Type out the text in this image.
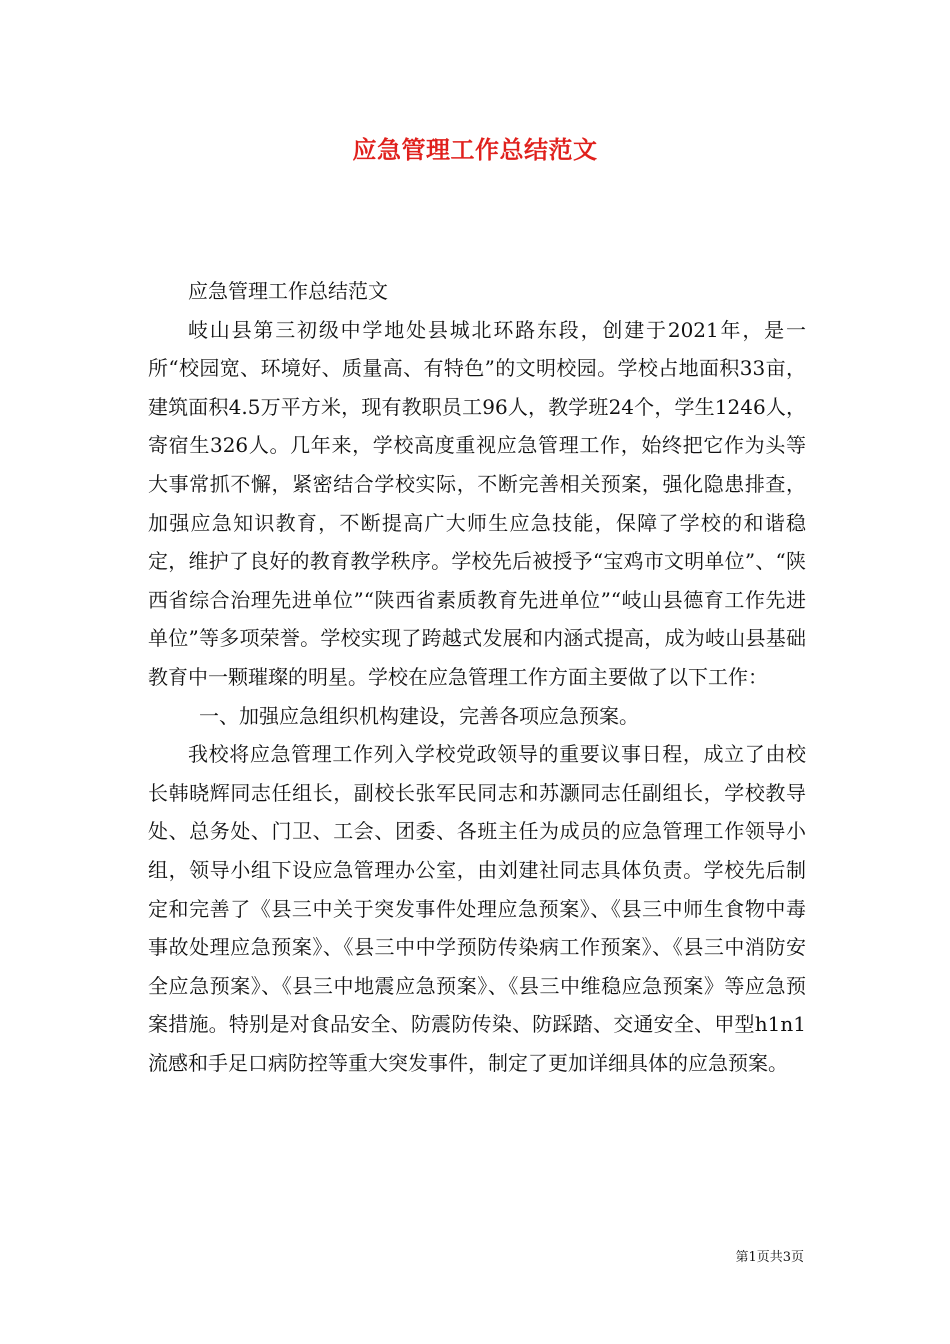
应急管理工作总结范文

应急管理工作总结范文

岐山县第三初级中学地处县城北环路东段，创建于2021年，是一所“校园宽、环境好、质量高、有特色”的文明校园。学校占地面积33亩，建筑面积4.5万平方米，现有教职员工96人，教学班24个，学生1246人，寄宿生326人。几年来，学校高度重视应急管理工作，始终把它作为头等大事常抓不懈，紧密结合学校实际，不断完善相关预案，强化隐患排查，加强应急知识教育，不断提高广大师生应急技能，保障了学校的和谐稳定，维护了良好的教育教学秩序。学校先后被授予“宝鸡市文明单位”、“陕西省综合治理先进单位”“陕西省素质教育先进单位”“岐山县德育工作先进单位”等多项荣誉。学校实现了跨越式发展和内涵式提高，成为岐山县基础教育中一颗璀璨的明星。学校在应急管理工作方面主要做了以下工作：

一、加强应急组织机构建设，完善各项应急预案。

我校将应急管理工作列入学校党政领导的重要议事日程，成立了由校长韩晓辉同志任组长，副校长张军民同志和苏灏同志任副组长，学校教导处、总务处、门卫、工会、团委、各班主任为成员的应急管理工作领导小组，领导小组下设应急管理办公室，由刘建社同志具体负责。学校先后制定和完善了《县三中关于突发事件处理应急预案》、《县三中师生食物中毒事故处理应急预案》、《县三中中学预防传染病工作预案》、《县三中消防安全应急预案》、《县三中地震应急预案》、《县三中维稳应急预案》等应急预案措施。特别是对食品安全、防震防传染、防踩踏、交通安全、甲型h1n1流感和手足口病防控等重大突发事件，制定了更加详细具体的应急预案。

第1页共3页
